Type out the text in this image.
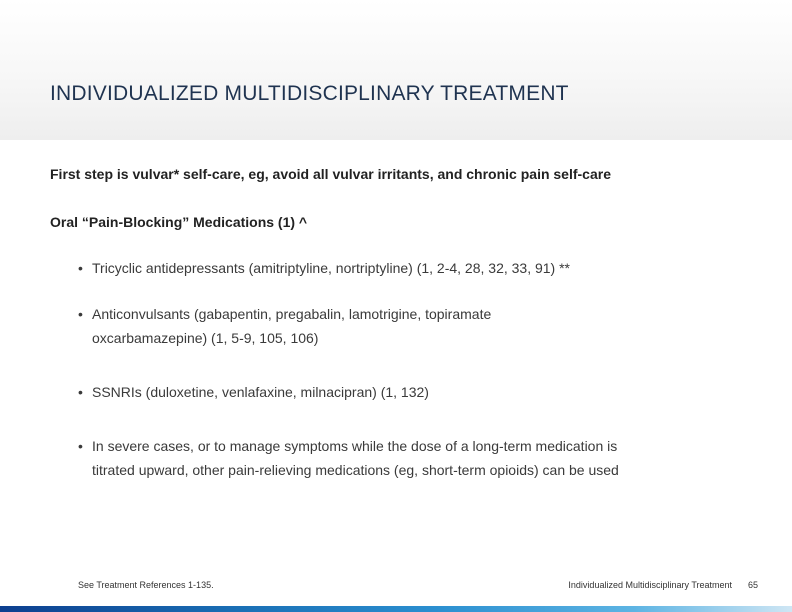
INDIVIDUALIZED MULTIDISCIPLINARY TREATMENT

First step is vulvar* self-care, eg, avoid all vulvar irritants, and chronic pain self-care

Oral “Pain-Blocking” Medications (1) ^

• Tricyclic antidepressants (amitriptyline, nortriptyline) (1, 2-4, 28, 32, 33, 91) **
• Anticonvulsants (gabapentin, pregabalin, lamotrigine, topiramate
oxcarbamazepine) (1, 5-9, 105, 106)
• SSNRIs (duloxetine, venlafaxine, milnacipran) (1, 132)
• In severe cases, or to manage symptoms while the dose of a long-term medication is
titrated upward, other pain-relieving medications (eg, short-term opioids) can be used
See Treatment References 1-135.	Individualized Multidisciplinary Treatment 65
